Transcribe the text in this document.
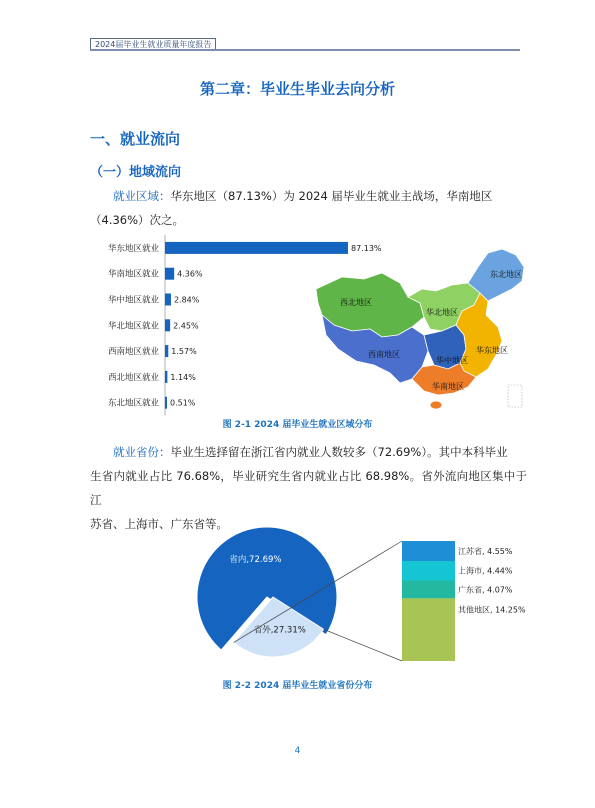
2024届毕业生就业质量年度报告
第二章：毕业生毕业去向分析
一、就业流向
（一）地域流向
就业区域：华东地区（87.13%）为 2024 届毕业生就业主战场，华南地区
（4.36%）次之。
华东地区就业	87.13%
华南地区就业 4.36%
华中地区就业 2.84%
华北地区就业 2.45%
西南地区就业 1.57%
西北地区就业 1.14%
东北地区就业 0.51%
东北地区
西北地区
华北地区
西南地区
华中地区
华东地区
华南地区
图 2-1 2024 届毕业生就业区域分布
就业省份：毕业生选择留在浙江省内就业人数较多（72.69%）。其中本科毕业
生省内就业占比 76.68%，毕业研究生省内就业占比 68.98%。省外流向地区集中于江
苏省、上海市、广东省等。
省内,72.69%
省外,27.31%
江苏省, 4.55%
上海市, 4.44%
广东省, 4.07%
其他地区, 14.25%
图 2-2 2024 届毕业生就业省份分布
4
